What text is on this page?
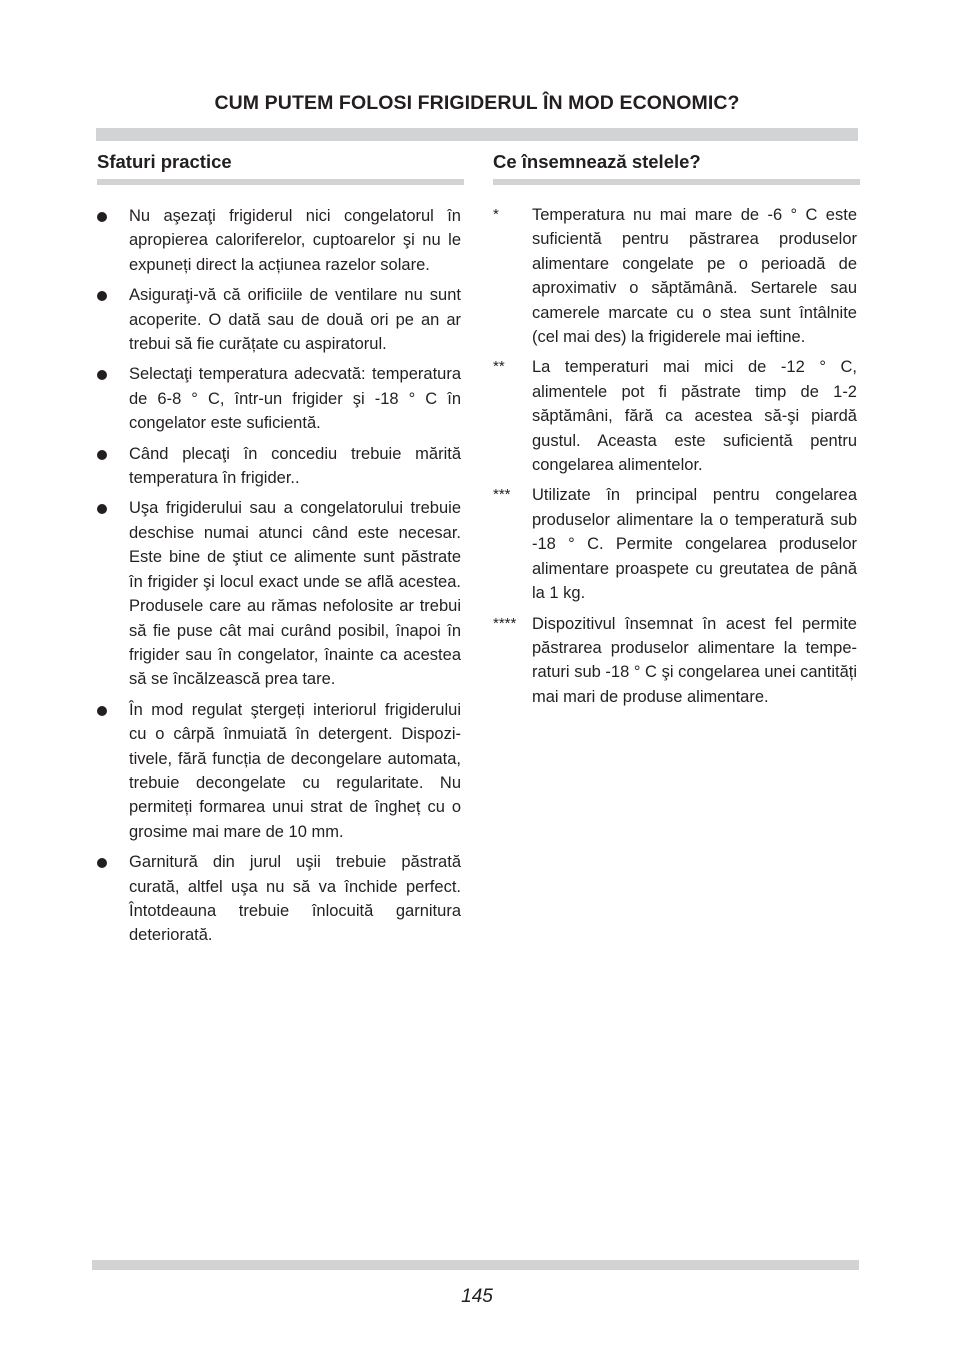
CUM PUTEM FOLOSI FRIGIDERUL ÎN MOD ECONOMIC?
Sfaturi practice
Nu aşezaţi frigiderul nici congelatorul în apropierea caloriferelor, cuptoarelor şi nu le expuneți direct la acțiunea razelor solare.
Asiguraţi-vă că orificiile de ventilare nu sunt acoperite. O dată sau de două ori pe an ar trebui să fie curățate cu aspiratorul.
Selectaţi temperatura adecvată: temperatura de 6-8 ° C, într-un frigider şi -18 ° C în congelator este suficientă.
Când plecaţi în concediu trebuie mărită temperatura în frigider..
Uşa frigiderului sau a congelatorului trebuie deschise numai atunci când este necesar. Este bine de ştiut ce alimente sunt păstrate în frigider şi locul exact unde se află acestea. Produsele care au rămas nefolosite ar trebui să fie puse cât mai curând posibil, înapoi în frigider sau în congelator, înainte ca acestea să se încălzească prea tare.
În mod regulat ştergeți interiorul frigiderului cu o cârpă înmuiată în detergent. Dispozitivele, fără funcția de decongelare automata, trebuie decongelate cu regularitate. Nu permiteți formarea unui strat de îngheț cu o grosime mai mare de 10 mm.
Garnitură din jurul uşii trebuie păstrată curată, altfel uşa nu să va închide perfect. Întotdeauna trebuie înlocuită garnitura deteriorată.
Ce însemnează stelele?
* Temperatura nu mai mare de -6 ° C este suficientă pentru păstrarea produselor alimentare congelate pe o perioadă de aproximativ o săptămână. Sertarele sau camerele marcate cu o stea sunt întâlnite (cel mai des) la frigiderele mai ieftine.
** La temperaturi mai mici de -12 ° C, alimentele pot fi păstrate timp de 1-2 săptămâni, fără ca acestea să-şi piardă gustul. Aceasta este suficientă pentru congelarea alimentelor.
*** Utilizate în principal pentru congelarea produselor alimentare la o temperatură sub -18 ° C. Permite congelarea produselor alimentare proaspete cu greutatea de până la 1 kg.
**** Dispozitivul însemnat în acest fel permite păstrarea produselor alimentare la temperaturi sub -18 ° C şi congelarea unei cantități mai mari de produse alimentare.
145
